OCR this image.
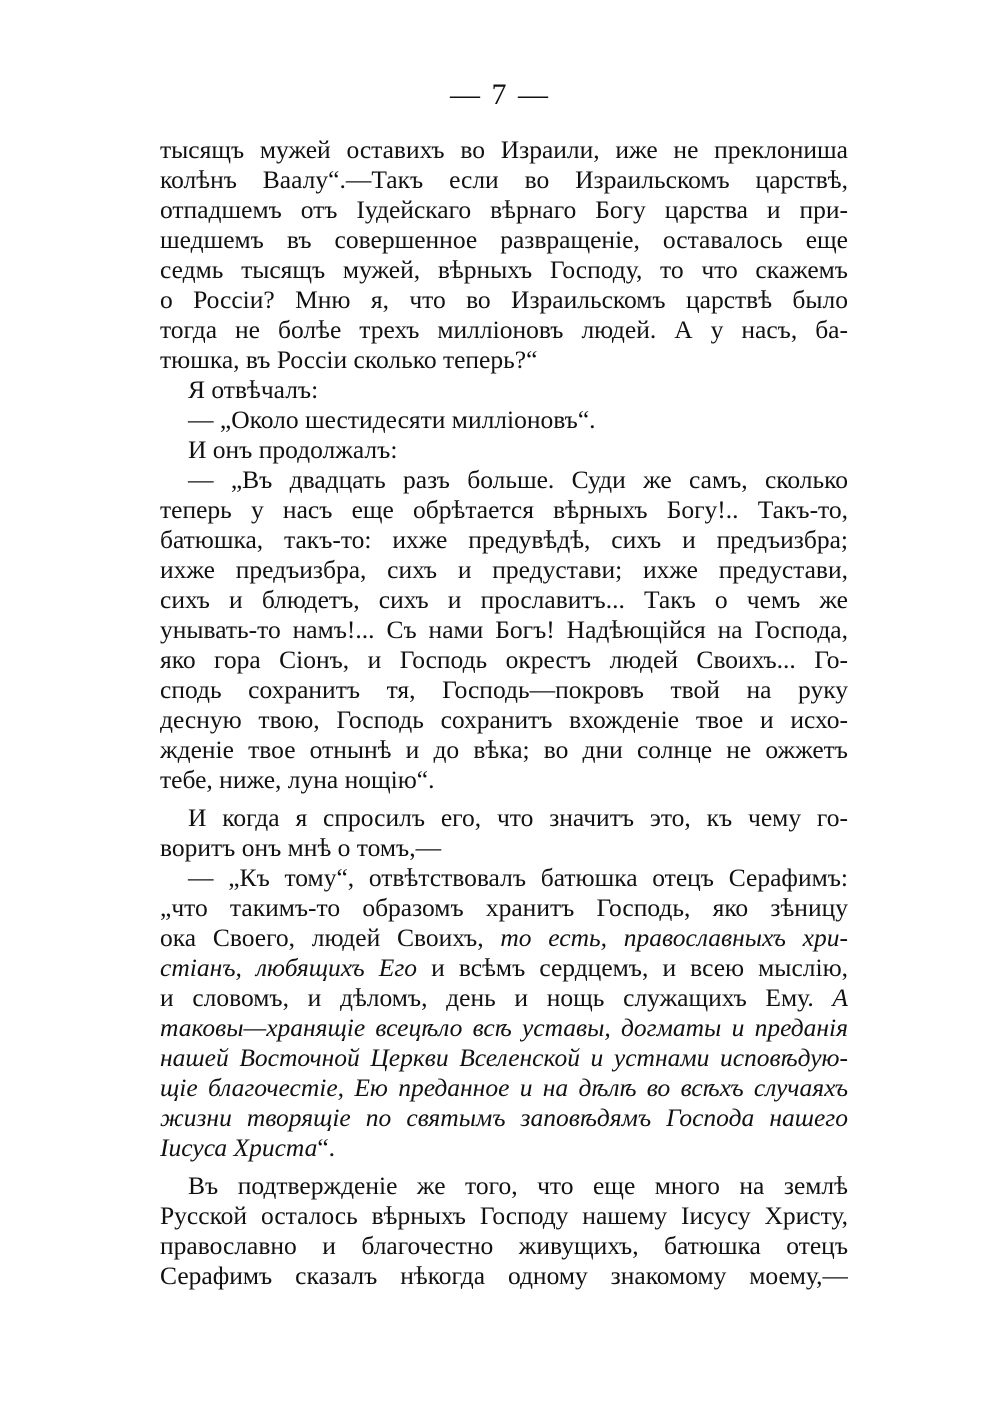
— 7 —
тысящъ мужей оставихъ во Израили, иже не преклониша
колѣнъ Ваалу“.—Такъ если во Израильскомъ царствѣ,
отпадшемъ отъ Іудейскаго вѣрнаго Богу царства и при-
шедшемъ въ совершенное развращеніе, оставалось еще
седмь тысящъ мужей, вѣрныхъ Господу, то что скажемъ
о Россіи? Мню я, что во Израильскомъ царствѣ было
тогда не болѣе трехъ милліоновъ людей. А у насъ, ба-
тюшка, въ Россіи сколько теперь?“
Я отвѣчалъ:
— „Около шестидесяти милліоновъ“.
И онъ продолжалъ:
— „Въ двадцать разъ больше. Суди же самъ, сколько
теперь у насъ еще обрѣтается вѣрныхъ Богу!.. Такъ-то,
батюшка, такъ-то: ихже предувѣдѣ, сихъ и предъизбра;
ихже предъизбра, сихъ и предустави; ихже предустави,
сихъ и блюдетъ, сихъ и прославитъ... Такъ о чемъ же
унывать-то намъ!... Съ нами Богъ! Надѣющійся на Господа,
яко гора Сіонъ, и Господь окрестъ людей Своихъ... Го-
сподь сохранитъ тя, Господь—покровъ твой на руку
десную твою, Господь сохранитъ вхожденіе твое и исхо-
жденіе твое отнынѣ и до вѣка; во дни солнце не ожжетъ
тебе, ниже, луна нощію“.
И когда я спросилъ его, что значитъ это, къ чему го-
воритъ онъ мнѣ о томъ,—
— „Къ тому“, отвѣтствовалъ батюшка отецъ Серафимъ:
„что такимъ-то образомъ хранитъ Господь, яко зѣницу
ока Своего, людей Своихъ, то есть, православныхъ хри-
стіанъ, любящихъ Его и всѣмъ сердцемъ, и всею мыслію,
и словомъ, и дѣломъ, день и нощь служащихъ Ему. А
таковы—хранящіе всецѣло всѣ уставы, догматы и преданія
нашей Восточной Церкви Вселенской и устнами исповѣдую-
щіе благочестіе, Ею преданное и на дѣлѣ во всѣхъ случаяхъ
жизни творящіе по святымъ заповѣдямъ Господа нашего
Іисуса Христа“.
Въ подтвержденіе же того, что еще много на землѣ
Русской осталось вѣрныхъ Господу нашему Іисусу Христу,
православно и благочестно живущихъ, батюшка отецъ
Серафимъ сказалъ нѣкогда одному знакомому моему,—
